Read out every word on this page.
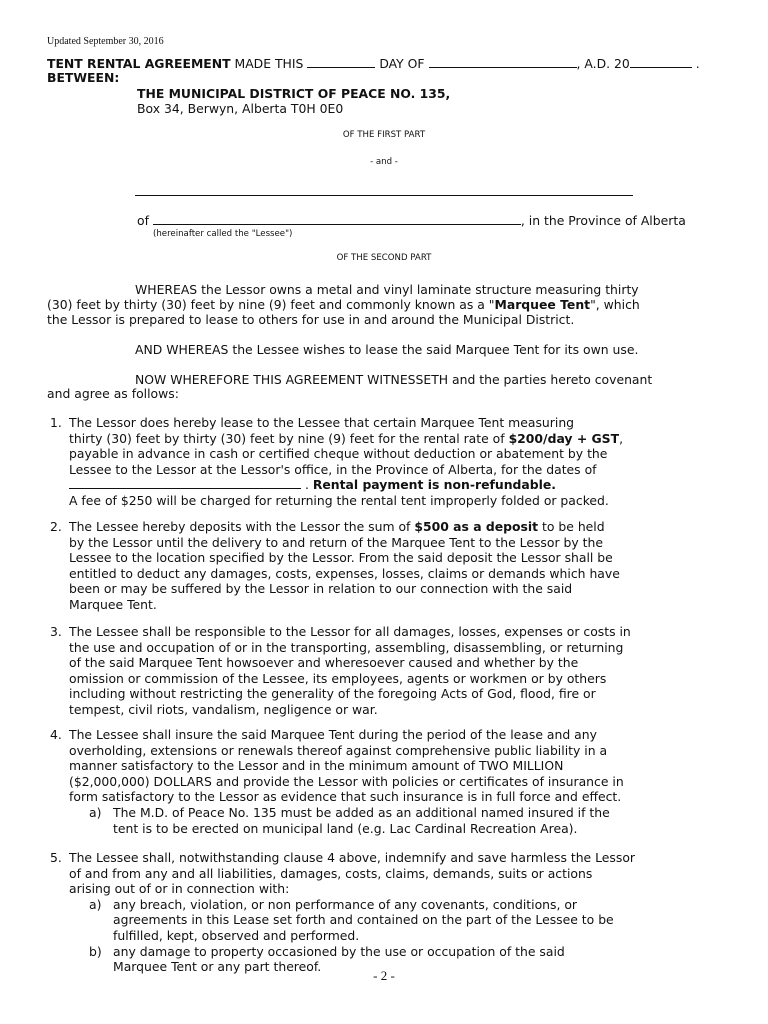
Updated September 30, 2016
TENT RENTAL AGREEMENT MADE THIS	DAY OF	, A.D. 20	.
BETWEEN:
THE MUNICIPAL DISTRICT OF PEACE NO. 135,
Box 34, Berwyn, Alberta T0H 0E0
OF THE FIRST PART
- and -
of	, in the Province of Alberta
(hereinafter called the "Lessee")
OF THE SECOND PART
WHEREAS the Lessor owns a metal and vinyl laminate structure measuring thirty
(30) feet by thirty (30) feet by nine (9) feet and commonly known as a "Marquee Tent", which
the Lessor is prepared to lease to others for use in and around the Municipal District.
AND WHEREAS the Lessee wishes to lease the said Marquee Tent for its own use.
NOW WHEREFORE THIS AGREEMENT WITNESSETH and the parties hereto covenant
and agree as follows:
1. The Lessor does hereby lease to the Lessee that certain Marquee Tent measuring
thirty (30) feet by thirty (30) feet by nine (9) feet for the rental rate of $200/day + GST,
payable in advance in cash or certified cheque without deduction or abatement by the
Lessee to the Lessor at the Lessor's office, in the Province of Alberta, for the dates of
. Rental payment is non-refundable.
A fee of $250 will be charged for returning the rental tent improperly folded or packed.
2. The Lessee hereby deposits with the Lessor the sum of $500 as a deposit to be held
by the Lessor until the delivery to and return of the Marquee Tent to the Lessor by the
Lessee to the location specified by the Lessor. From the said deposit the Lessor shall be
entitled to deduct any damages, costs, expenses, losses, claims or demands which have
been or may be suffered by the Lessor in relation to our connection with the said
Marquee Tent.
3. The Lessee shall be responsible to the Lessor for all damages, losses, expenses or costs in
the use and occupation of or in the transporting, assembling, disassembling, or returning
of the said Marquee Tent howsoever and wheresoever caused and whether by the
omission or commission of the Lessee, its employees, agents or workmen or by others
including without restricting the generality of the foregoing Acts of God, flood, fire or
tempest, civil riots, vandalism, negligence or war.
4. The Lessee shall insure the said Marquee Tent during the period of the lease and any
overholding, extensions or renewals thereof against comprehensive public liability in a
manner satisfactory to the Lessor and in the minimum amount of TWO MILLION
($2,000,000) DOLLARS and provide the Lessor with policies or certificates of insurance in
form satisfactory to the Lessor as evidence that such insurance is in full force and effect.
a) The M.D. of Peace No. 135 must be added as an additional named insured if the
tent is to be erected on municipal land (e.g. Lac Cardinal Recreation Area).
5. The Lessee shall, notwithstanding clause 4 above, indemnify and save harmless the Lessor
of and from any and all liabilities, damages, costs, claims, demands, suits or actions
arising out of or in connection with:
a) any breach, violation, or non performance of any covenants, conditions, or
agreements in this Lease set forth and contained on the part of the Lessee to be
fulfilled, kept, observed and performed.
b) any damage to property occasioned by the use or occupation of the said
Marquee Tent or any part thereof.
- 2 -
